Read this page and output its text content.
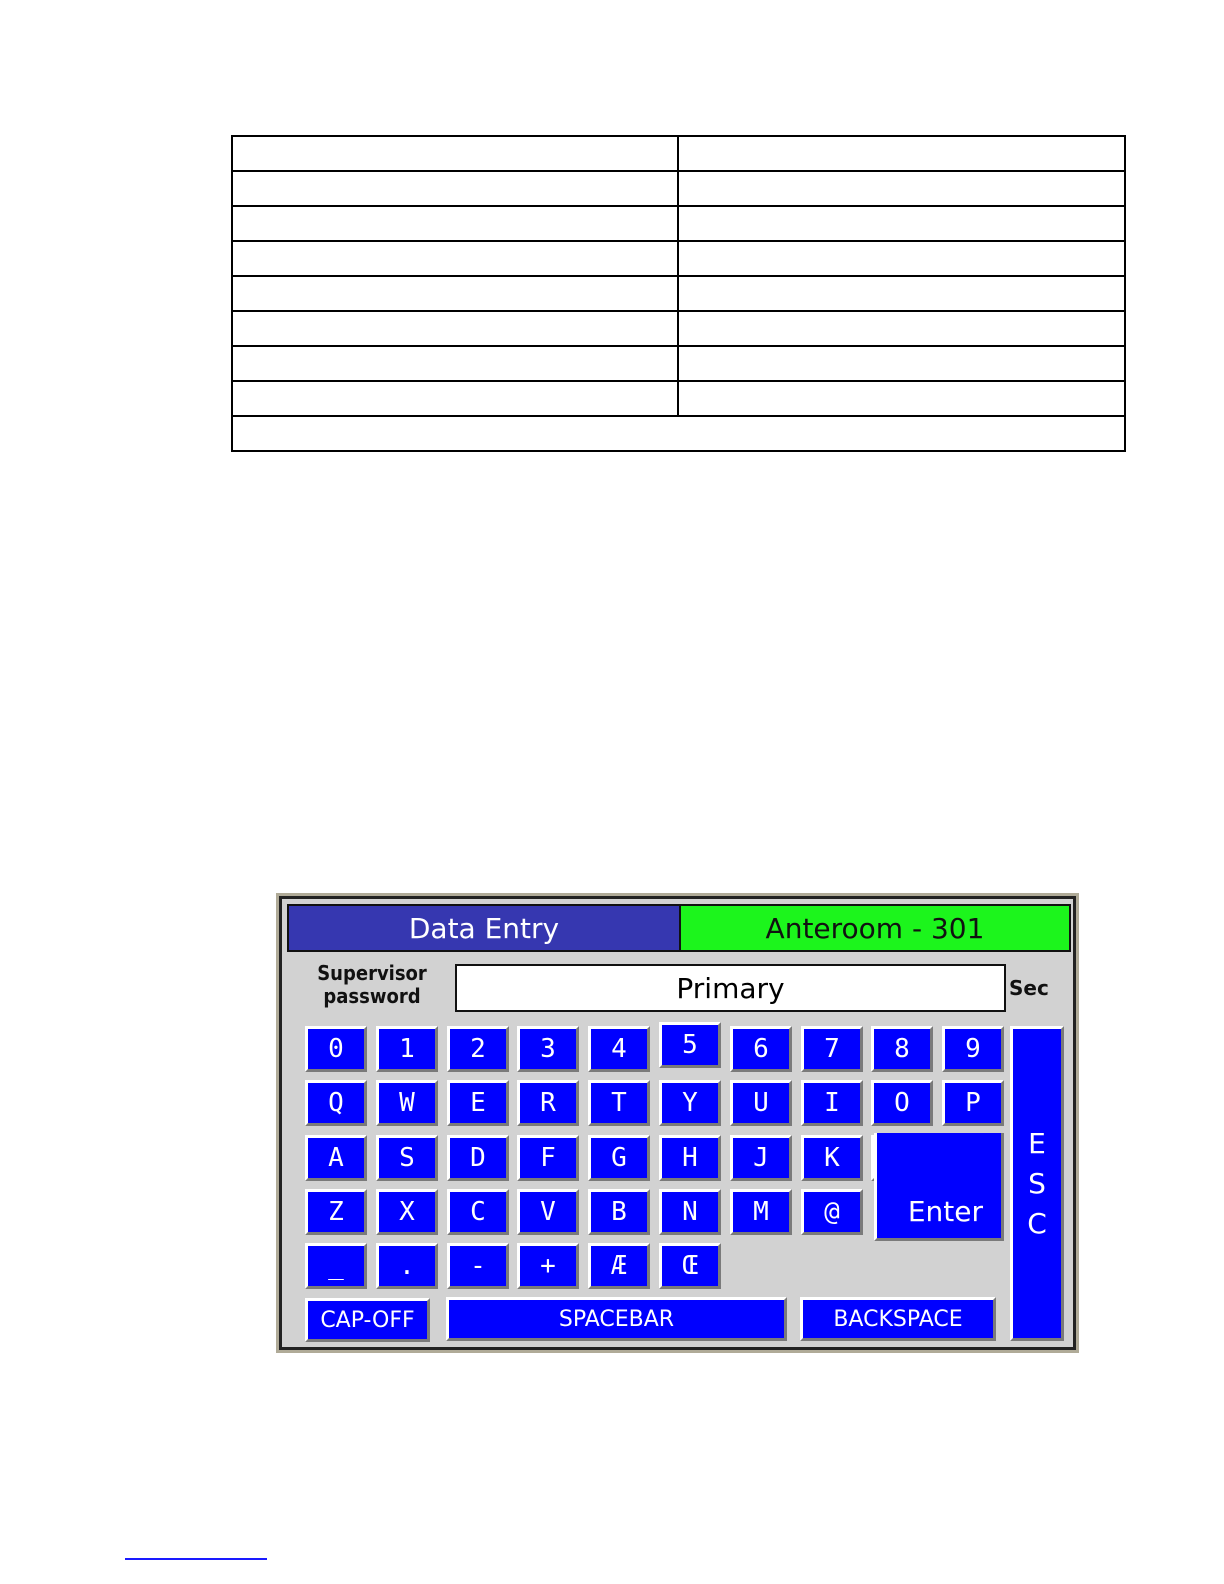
Data Entry	Anteroom - 301
Supervisor
password	Primary	Sec
0	1	2	3	4	5	6	7	8	9
Q	W	E	R	T	Y	U	I	O	P
A	S	D	F	G	H	J	K
Z	X	C	V	B	N	M	@
_	.	-	+	Æ	Œ
Enter
E
S
C
CAP-OFF	SPACEBAR	BACKSPACE
